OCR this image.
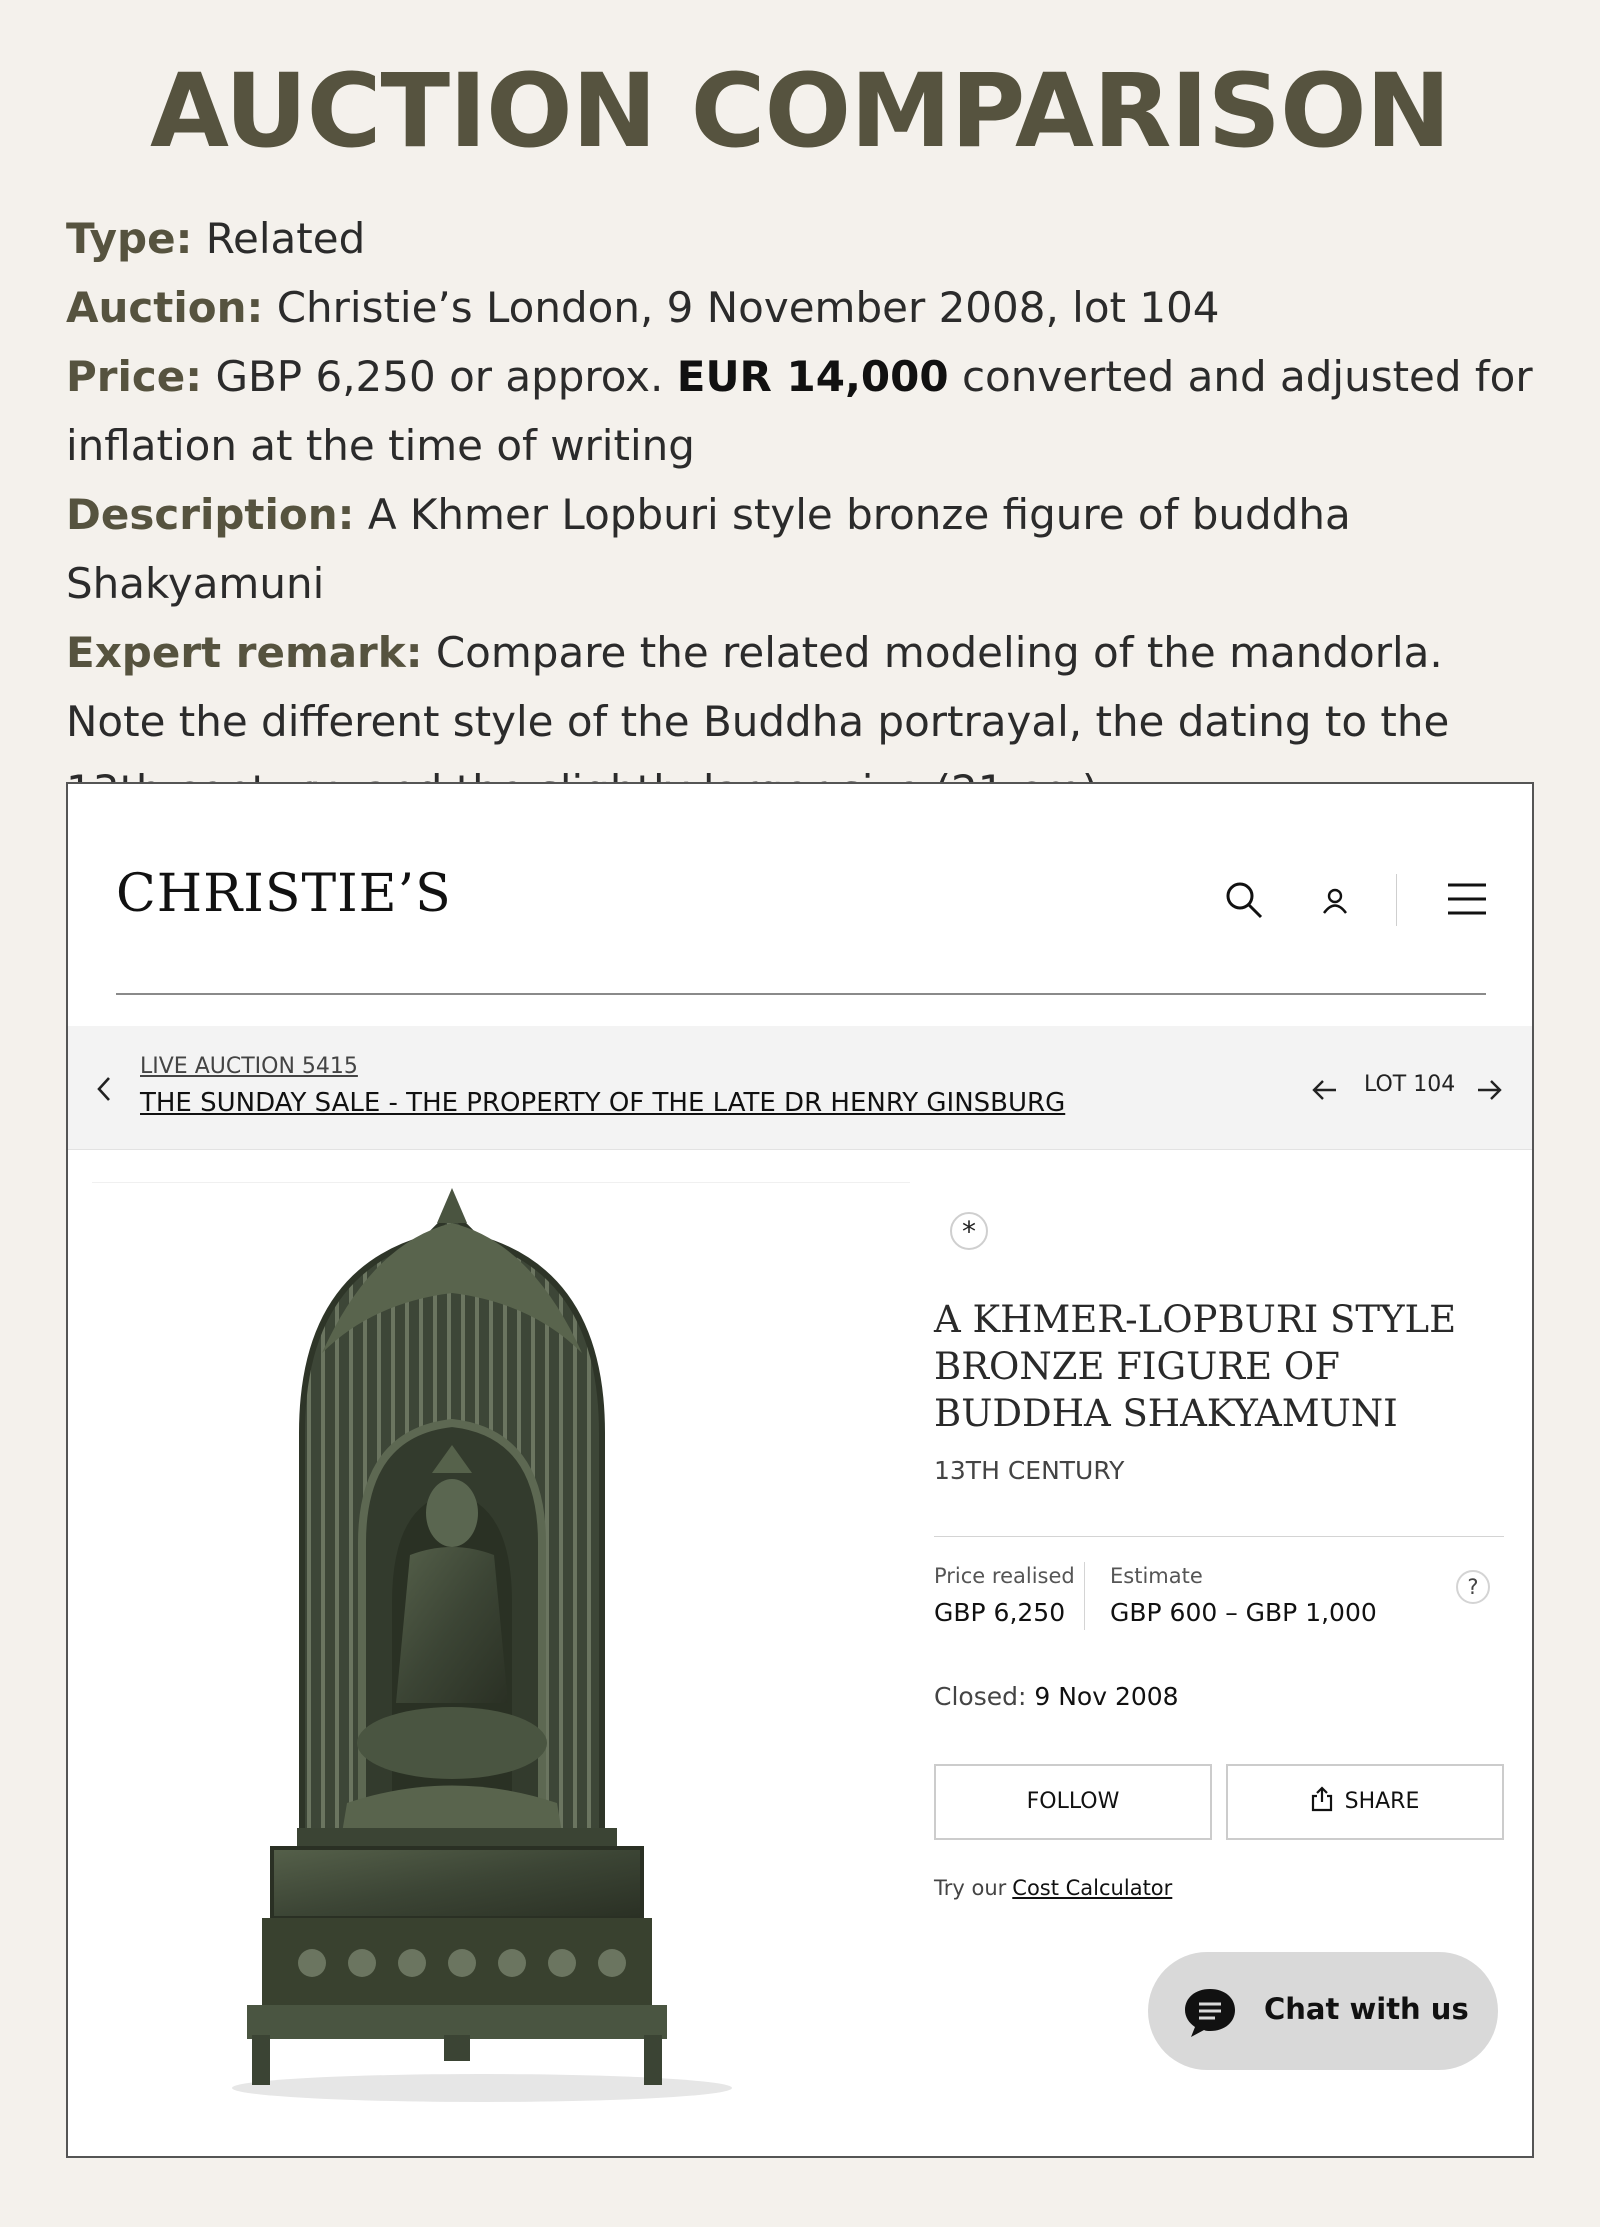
AUCTION COMPARISON
Type: Related
Auction: Christie’s London, 9 November 2008, lot 104
Price: GBP 6,250 or approx. EUR 14,000 converted and adjusted for inflation at the time of writing
Description: A Khmer Lopburi style bronze figure of buddha Shakyamuni
Expert remark: Compare the related modeling of the mandorla. Note the different style of the Buddha portrayal, the dating to the
CHRISTIE’S
LIVE AUCTION 5415
THE SUNDAY SALE - THE PROPERTY OF THE LATE DR HENRY GINSBURG
LOT 104
*
A KHMER-LOPBURI STYLE BRONZE FIGURE OF BUDDHA SHAKYAMUNI
13TH CENTURY
Price realised
GBP 6,250
Estimate
GBP 600 – GBP 1,000
?
Closed: 9 Nov 2008
FOLLOW	SHARE
Try our Cost Calculator
Chat with us
